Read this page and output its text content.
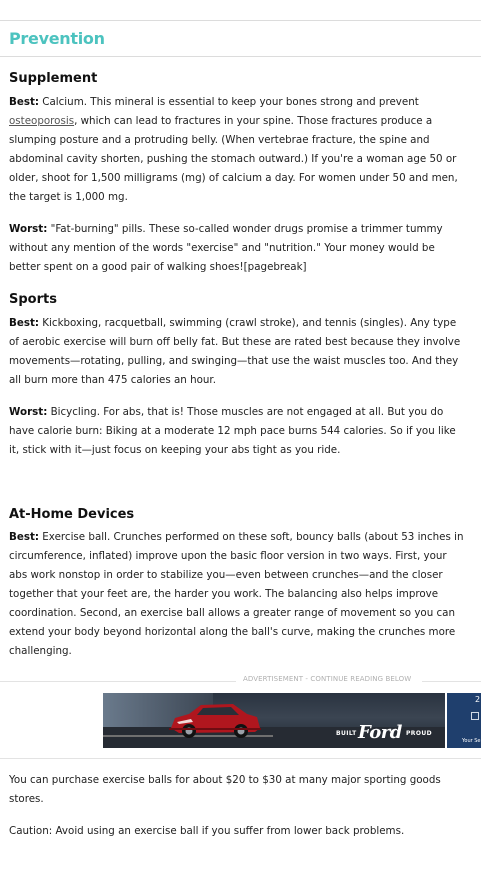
Prevention
Supplement
Best: Calcium. This mineral is essential to keep your bones strong and prevent osteoporosis, which can lead to fractures in your spine. Those fractures produce a slumping posture and a protruding belly. (When vertebrae fracture, the spine and abdominal cavity shorten, pushing the stomach outward.) If you're a woman age 50 or older, shoot for 1,500 milligrams (mg) of calcium a day. For women under 50 and men, the target is 1,000 mg.
Worst: "Fat-burning" pills. These so-called wonder drugs promise a trimmer tummy without any mention of the words "exercise" and "nutrition." Your money would be better spent on a good pair of walking shoes![pagebreak]
Sports
Best: Kickboxing, racquetball, swimming (crawl stroke), and tennis (singles). Any type of aerobic exercise will burn off belly fat. But these are rated best because they involve movements—rotating, pulling, and swinging—that use the waist muscles too. And they all burn more than 475 calories an hour.
Worst: Bicycling. For abs, that is! Those muscles are not engaged at all. But you do have calorie burn: Biking at a moderate 12 mph pace burns 544 calories. So if you like it, stick with it—just focus on keeping your abs tight as you ride.
At-Home Devices
Best: Exercise ball. Crunches performed on these soft, bouncy balls (about 53 inches in circumference, inflated) improve upon the basic floor version in two ways. First, your abs work nonstop in order to stabilize you—even between crunches—and the closer together that your feet are, the harder you work. The balancing also helps improve coordination. Second, an exercise ball allows a greater range of movement so you can extend your body beyond horizontal along the ball's curve, making the crunches more challenging.
ADVERTISEMENT - CONTINUE READING BELOW
BUILT Ford PROUD
2
Your Se
You can purchase exercise balls for about $20 to $30 at many major sporting goods stores.
Caution: Avoid using an exercise ball if you suffer from lower back problems.
